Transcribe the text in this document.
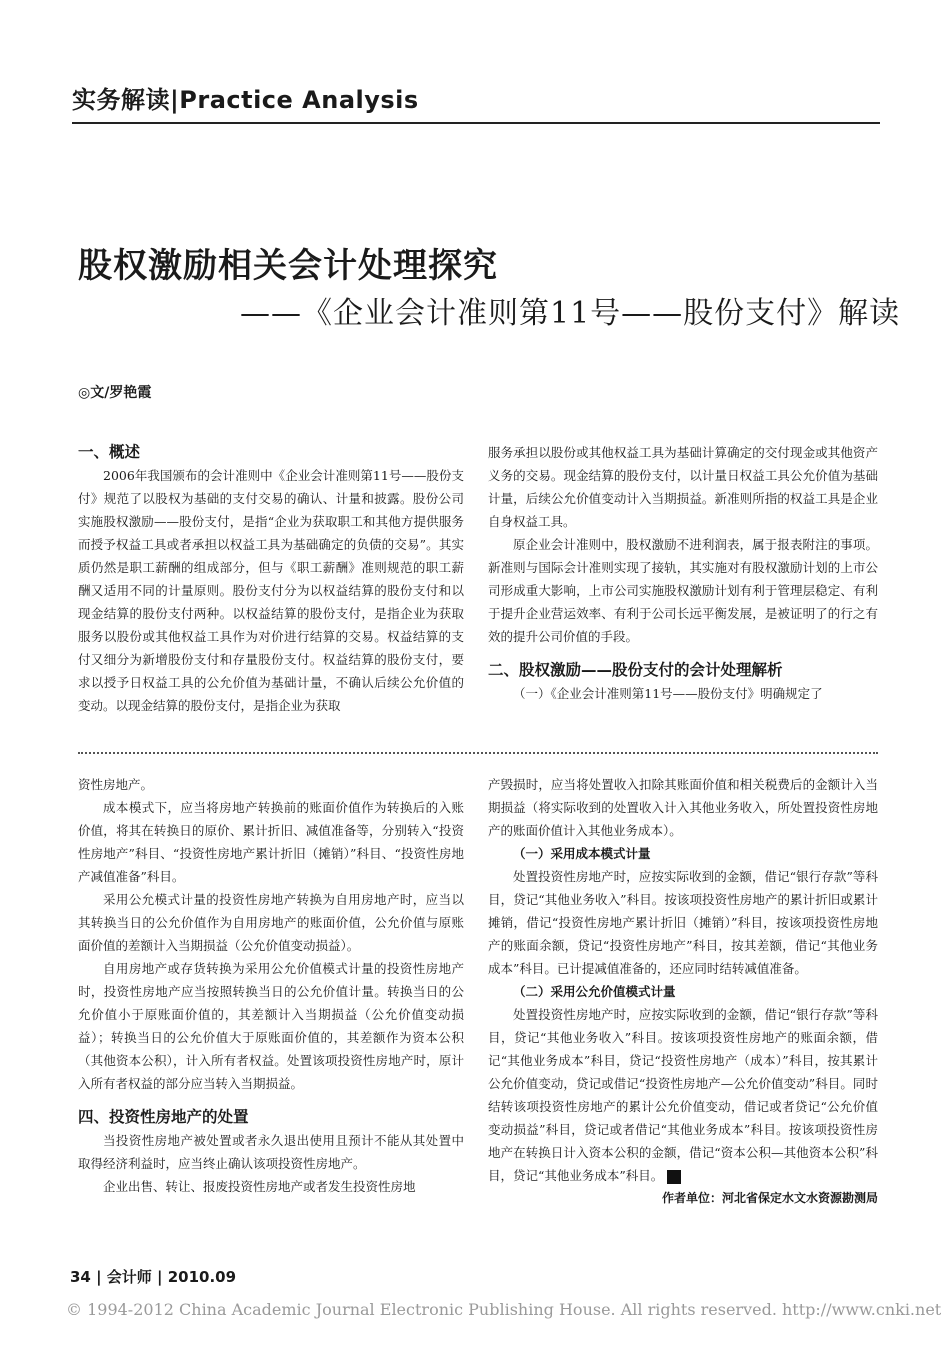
实务解读|Practice Analysis
股权激励相关会计处理探究
——《企业会计准则第11号——股份支付》解读
◎文/罗艳霞

一、概述

2006年我国颁布的会计准则中《企业会计准则第11号——股份支付》规范了以股权为基础的支付交易的确认、计量和披露。股份公司实施股权激励——股份支付，是指“企业为获取职工和其他方提供服务而授予权益工具或者承担以权益工具为基础确定的负债的交易”。其实质仍然是职工薪酬的组成部分，但与《职工薪酬》准则规范的职工薪酬又适用不同的计量原则。股份支付分为以权益结算的股份支付和以现金结算的股份支付两种。以权益结算的股份支付，是指企业为获取服务以股份或其他权益工具作为对价进行结算的交易。权益结算的支付又细分为新增股份支付和存量股份支付。权益结算的股份支付，要求以授予日权益工具的公允价值为基础计量，不确认后续公允价值的变动。以现金结算的股份支付，是指企业为获取

服务承担以股份或其他权益工具为基础计算确定的交付现金或其他资产义务的交易。现金结算的股份支付，以计量日权益工具公允价值为基础计量，后续公允价值变动计入当期损益。新准则所指的权益工具是企业自身权益工具。

原企业会计准则中，股权激励不进利润表，属于报表附注的事项。新准则与国际会计准则实现了接轨，其实施对有股权激励计划的上市公司形成重大影响，上市公司实施股权激励计划有利于管理层稳定、有利于提升企业营运效率、有利于公司长远平衡发展，是被证明了的行之有效的提升公司价值的手段。

二、股权激励——股份支付的会计处理解析

（一）《企业会计准则第11号——股份支付》明确规定了

资性房地产。

成本模式下，应当将房地产转换前的账面价值作为转换后的入账价值，将其在转换日的原价、累计折旧、减值准备等，分别转入“投资性房地产”科目、“投资性房地产累计折旧（摊销）”科目、“投资性房地产减值准备”科目。

采用公允模式计量的投资性房地产转换为自用房地产时，应当以其转换当日的公允价值作为自用房地产的账面价值，公允价值与原账面价值的差额计入当期损益（公允价值变动损益）。

自用房地产或存货转换为采用公允价值模式计量的投资性房地产时，投资性房地产应当按照转换当日的公允价值计量。转换当日的公允价值小于原账面价值的，其差额计入当期损益（公允价值变动损益）；转换当日的公允价值大于原账面价值的，其差额作为资本公积（其他资本公积），计入所有者权益。处置该项投资性房地产时，原计入所有者权益的部分应当转入当期损益。

四、投资性房地产的处置

当投资性房地产被处置或者永久退出使用且预计不能从其处置中取得经济利益时，应当终止确认该项投资性房地产。

企业出售、转让、报废投资性房地产或者发生投资性房地

产毁损时，应当将处置收入扣除其账面价值和相关税费后的金额计入当期损益（将实际收到的处置收入计入其他业务收入，所处置投资性房地产的账面价值计入其他业务成本）。

（一）采用成本模式计量

处置投资性房地产时，应按实际收到的金额，借记“银行存款”等科目，贷记“其他业务收入”科目。按该项投资性房地产的累计折旧或累计摊销，借记“投资性房地产累计折旧（摊销）”科目，按该项投资性房地产的账面余额，贷记“投资性房地产”科目，按其差额，借记“其他业务成本”科目。已计提减值准备的，还应同时结转减值准备。

（二）采用公允价值模式计量

处置投资性房地产时，应按实际收到的金额，借记“银行存款”等科目，贷记“其他业务收入”科目。按该项投资性房地产的账面余额，借记“其他业务成本”科目，贷记“投资性房地产（成本）”科目，按其累计公允价值变动，贷记或借记“投资性房地产—公允价值变动”科目。同时结转该项投资性房地产的累计公允价值变动，借记或者贷记“公允价值变动损益”科目，贷记或者借记“其他业务成本”科目。按该项投资性房地产在转换日计入资本公积的金额，借记“资本公积—其他资本公积”科目，贷记“其他业务成本”科目。	A

作者单位：河北省保定水文水资源勘测局

34 | 会计师 | 2010.09
© 1994-2012 China Academic Journal Electronic Publishing House. All rights reserved. http://www.cnki.net
